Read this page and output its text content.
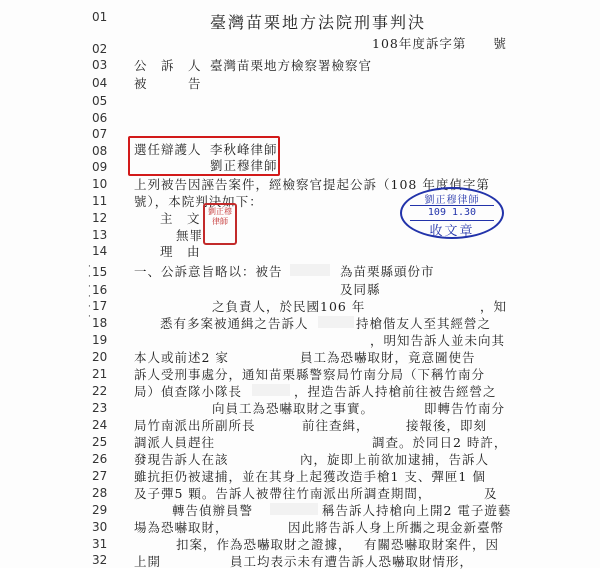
01
02
03
04
05
06
07
08
09
10
11
12
13
14
15
16
17
18
19
20
21
22
23
24
25
26
27
28
29
30
31
32
·
·
·
·
·
·
臺灣苗栗地方法院刑事判決
108年度訴字第　　號
公　訴　人 臺灣苗栗地方檢察署檢察官
被　　　告
選任辯護人 李秋峰律師
劉正穆律師
上列被告因誣告案件，經檢察官提起公訴（108 年度偵字第
號），本院判決如下：
主　文
無罪
理　由
劉正穆律師
劉正穆律師
109 1.30
收文章
一、公訴意旨略以：被告	為苗栗縣頭份市
及同縣
之負責人，於民國106 年	，知
悉有多案被通緝之告訴人	持槍偕友人至其經營之
，明知告訴人並未向其
本人或前述2 家	員工為恐嚇取財，竟意圖使告
訴人受刑事處分，通知苗栗縣警察局竹南分局（下稱竹南分
局）偵查隊小隊長	，捏造告訴人持槍前往被告經營之
向員工為恐嚇取財之事實。	即轉告竹南分
局竹南派出所副所長	前往查緝，	接報後，即刻
調派人員趕往	調查。於同日2 時許，
發現告訴人在該	內，旋即上前欲加逮捕，告訴人
雖抗拒仍被逮捕，並在其身上起獲改造手槍1 支、彈匣1 個
及子彈5 顆。告訴人被帶往竹南派出所調查期間，	及
轉告偵辦員警	稱告訴人持槍向上開2 電子遊藝
場為恐嚇取財，	因此將告訴人身上所攜之現金新臺幣
扣案，作為恐嚇取財之證據， 有關恐嚇取財案件，因
上開	員工均表示未有遭告訴人恐嚇取財情形，
